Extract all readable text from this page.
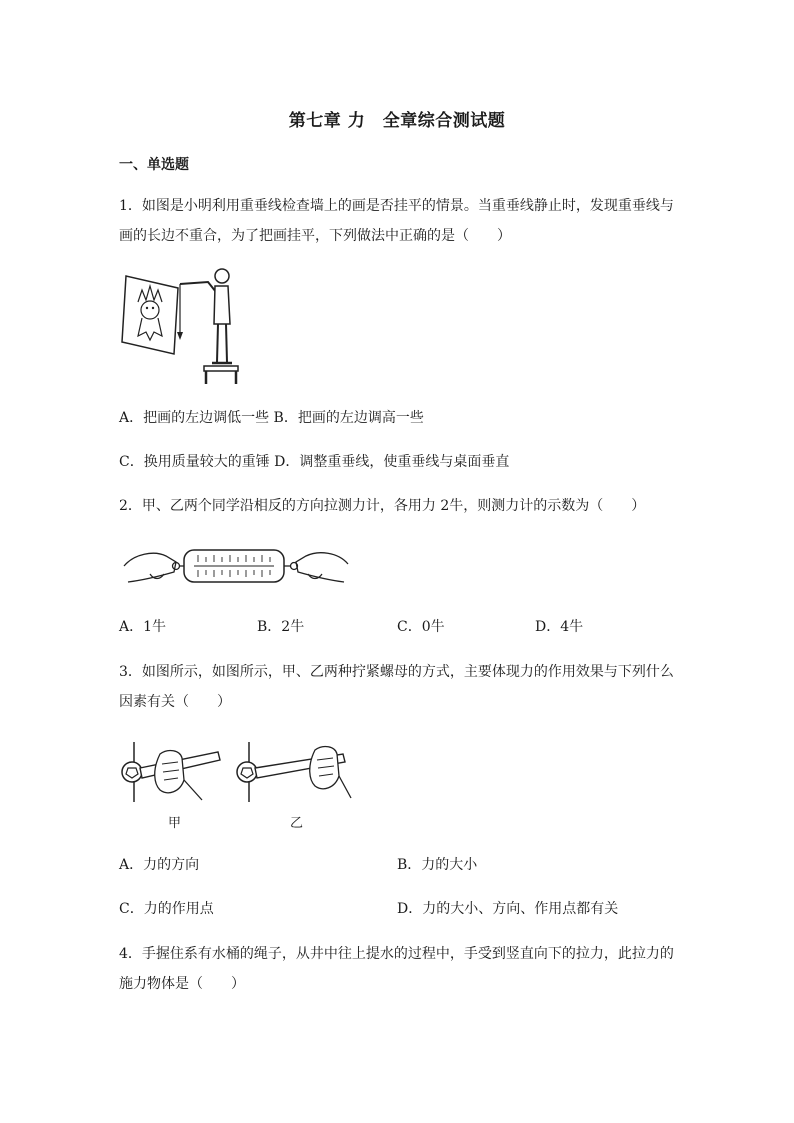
第七章 力　全章综合测试题
一、单选题
1．如图是小明利用重垂线检查墙上的画是否挂平的情景。当重垂线静止时，发现重垂线与
画的长边不重合，为了把画挂平，下列做法中正确的是（　　）
A．把画的左边调低一些 B．把画的左边调高一些
C．换用质量较大的重锤 D．调整重垂线，使重垂线与桌面垂直
2．甲、乙两个同学沿相反的方向拉测力计，各用力 2牛，则测力计的示数为（　　）
A．1牛	B．2牛	C．0牛	D．4牛
3．如图所示，如图所示，甲、乙两种拧紧螺母的方式，主要体现力的作用效果与下列什么
因素有关（　　）
甲	乙
A．力的方向	B．力的大小
C．力的作用点	D．力的大小、方向、作用点都有关
4．手握住系有水桶的绳子，从井中往上提水的过程中，手受到竖直向下的拉力，此拉力的
施力物体是（　　）
